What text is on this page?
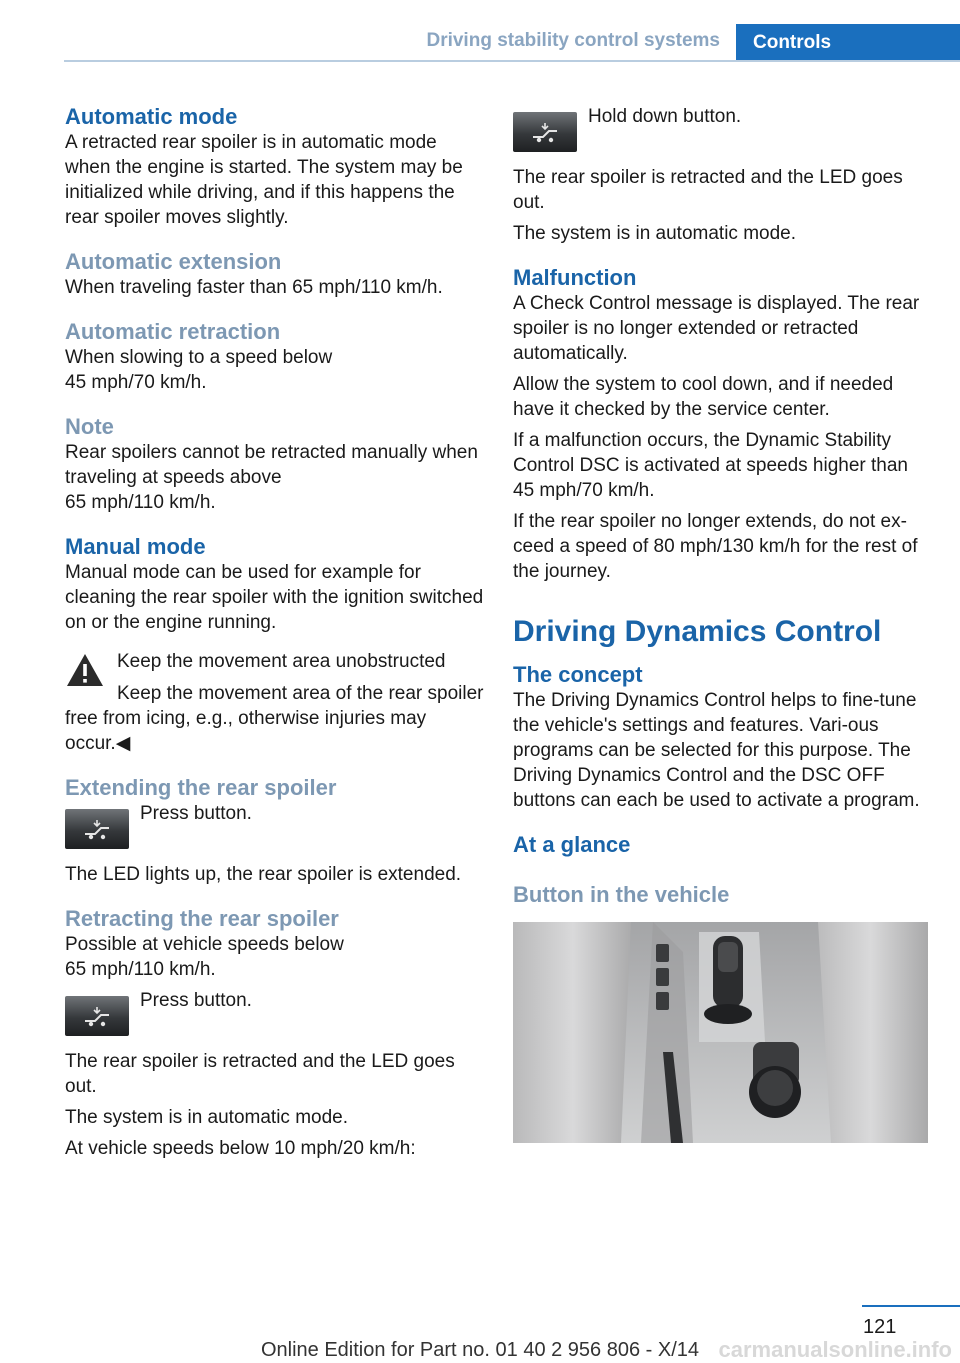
Driving stability control systems	Controls
Automatic mode

A retracted rear spoiler is in automatic mode when the engine is started. The system may be initialized while driving, and if this happens the rear spoiler moves slightly.

Automatic extension

When traveling faster than 65 mph/110 km/h.

Automatic retraction

When slowing to a speed below

45 mph/70 km/h.

Note

Rear spoilers cannot be retracted manually when traveling at speeds above

65 mph/110 km/h.

Manual mode

Manual mode can be used for example for cleaning the rear spoiler with the ignition switched on or the engine running.

Keep the movement area unobstructed

Keep the movement area of the rear spoiler free from icing, e.g., otherwise injuries may occur.◀

Extending the rear spoiler
Press button.

The LED lights up, the rear spoiler is extended.

Retracting the rear spoiler

Possible at vehicle speeds below

65 mph/110 km/h.

Press button.

The rear spoiler is retracted and the LED goes out.

The system is in automatic mode.

At vehicle speeds below 10 mph/20 km/h:

Hold down button.

The rear spoiler is retracted and the LED goes out.

The system is in automatic mode.

Malfunction

A Check Control message is displayed. The rear spoiler is no longer extended or retracted automatically.

Allow the system to cool down, and if needed have it checked by the service center.

If a malfunction occurs, the Dynamic Stability Control DSC is activated at speeds higher than 45 mph/70 km/h.

If the rear spoiler no longer extends, do not ex‐ceed a speed of 80 mph/130 km/h for the rest of the journey.

Driving Dynamics Control
The concept

The Driving Dynamics Control helps to fine-tune the vehicle's settings and features. Vari‐ous programs can be selected for this purpose. The Driving Dynamics Control and the DSC OFF buttons can each be used to activate a program.

At a glance
Button in the vehicle
121
Online Edition for Part no. 01 40 2 956 806 - X/14 carmanualsonline.info
